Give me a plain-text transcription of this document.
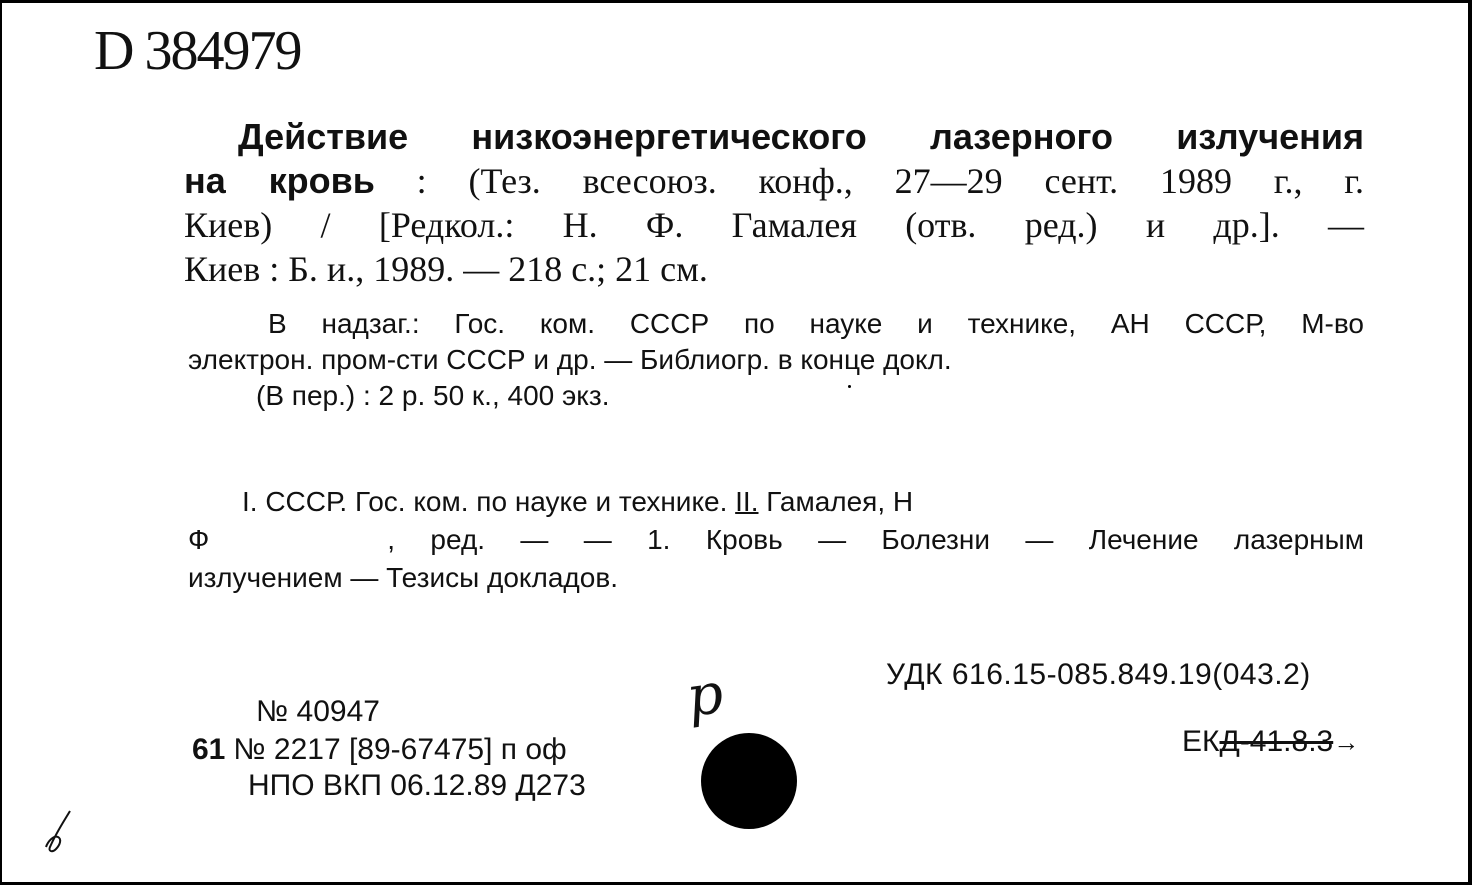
D 384979
Действие низкоэнергетического лазерного излучения
на кровь : (Тез. всесоюз. конф., 27—29 сент. 1989 г., г.
Киев) / [Редкол.: Н. Ф. Гамалея (отв. ред.) и др.]. —
Киев : Б. и., 1989. — 218 с.; 21 см.
В надзаг.: Гос. ком. СССР по науке и технике, АН СССР, М-во
электрон. пром-сти СССР и др. — Библиогр. в конце докл.
(В пер.) : 2 р. 50 к., 400 экз.
I. СССР. Гос. ком. по науке и технике. II. Гамалея, Н
Ф	, ред. — — 1. Кровь — Болезни — Лечение лазерным
излучением — Тезисы докладов.
УДК 616.15-085.849.19(043.2)
ЕКД-41.8.3→
№ 40947
61 № 2217 [89-67475] п оф
НПО ВКП 06.12.89 Д273
р
